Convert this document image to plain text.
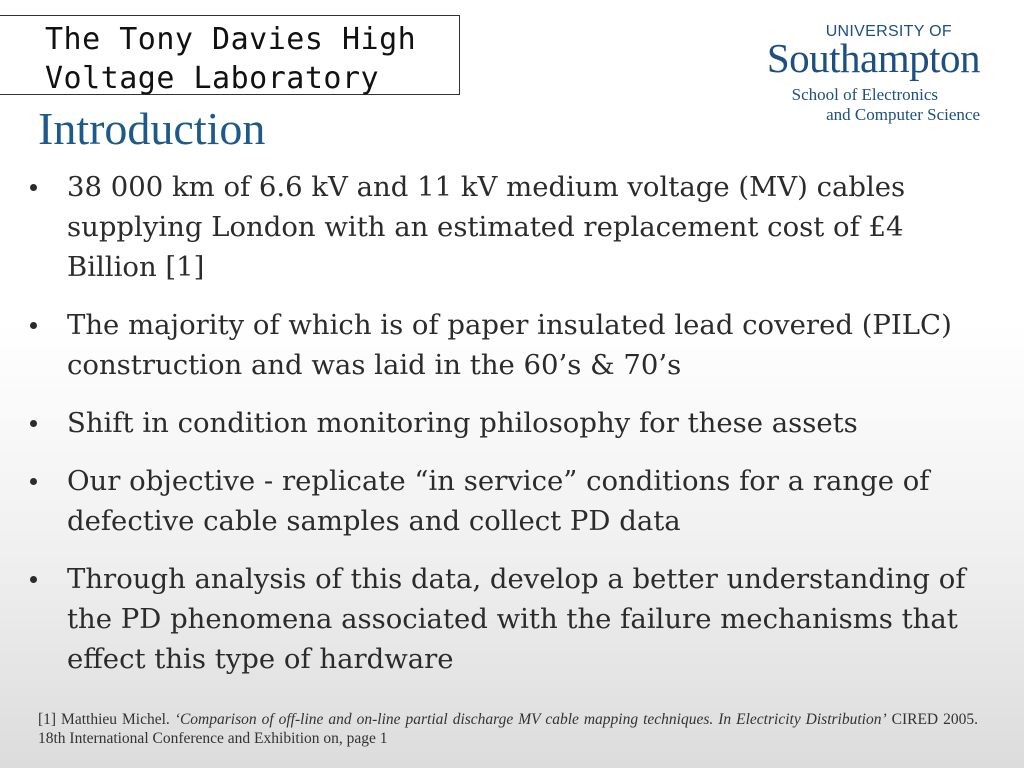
The Tony Davies High
Voltage Laboratory
UNIVERSITY OF
Southampton
School of Electronics
and Computer Science
Introduction
38 000 km of 6.6 kV and 11 kV medium voltage (MV) cables supplying London with an estimated replacement cost of £4 Billion [1]
The majority of which is of paper insulated lead covered (PILC) construction and was laid in the 60’s & 70’s
Shift in condition monitoring philosophy for these assets
Our objective - replicate “in service” conditions for a range of defective cable samples and collect PD data
Through analysis of this data, develop a better understanding of the PD phenomena associated with the failure mechanisms that effect this type of hardware

[1] Matthieu Michel. ‘Comparison of off-line and on-line partial discharge MV cable mapping techniques. In Electricity Distribution’ CIRED 2005. 18th International Conference and Exhibition on, page 1
